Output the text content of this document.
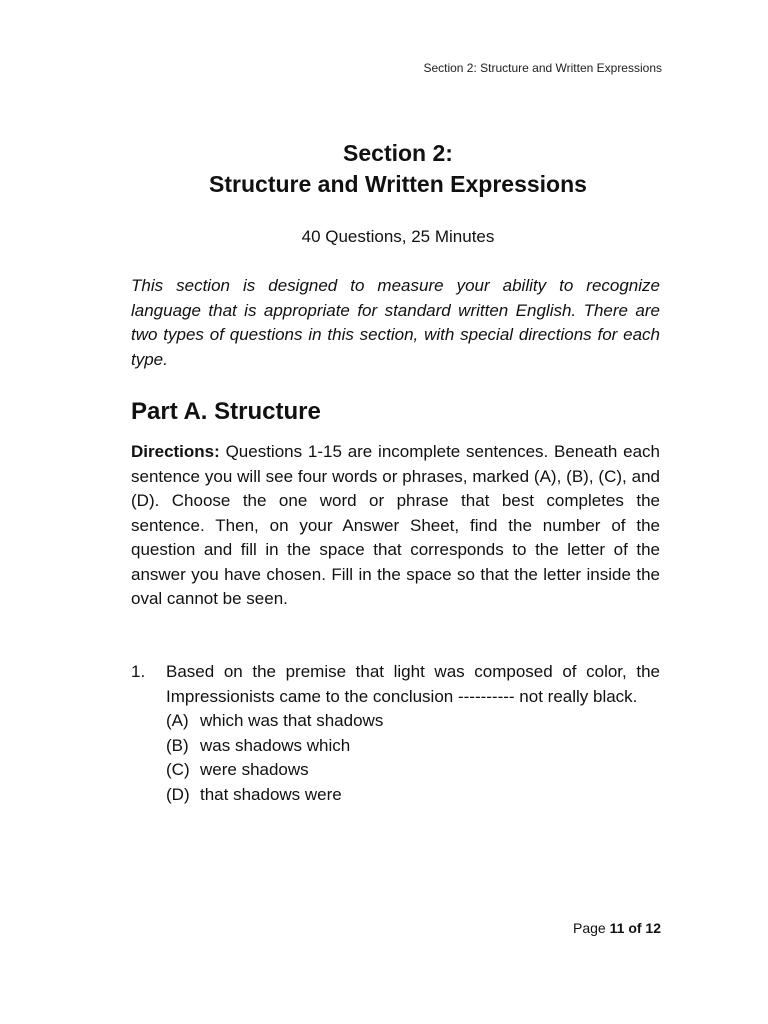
Section 2: Structure and Written Expressions
Section 2:
Structure and Written Expressions
40 Questions, 25 Minutes

This section is designed to measure your ability to recognize language that is appropriate for standard written English. There are two types of questions in this section, with special directions for each type.

Part A. Structure

Directions: Questions 1-15 are incomplete sentences. Beneath each sentence you will see four words or phrases, marked (A), (B), (C), and (D). Choose the one word or phrase that best completes the sentence. Then, on your Answer Sheet, find the number of the question and fill in the space that corresponds to the letter of the answer you have chosen. Fill in the space so that the letter inside the oval cannot be seen.

1. Based on the premise that light was composed of color, the Impressionists came to the conclusion ---------- not really black.
(A) which was that shadows
(B) was shadows which
(C) were shadows
(D) that shadows were
Page 11 of 12
